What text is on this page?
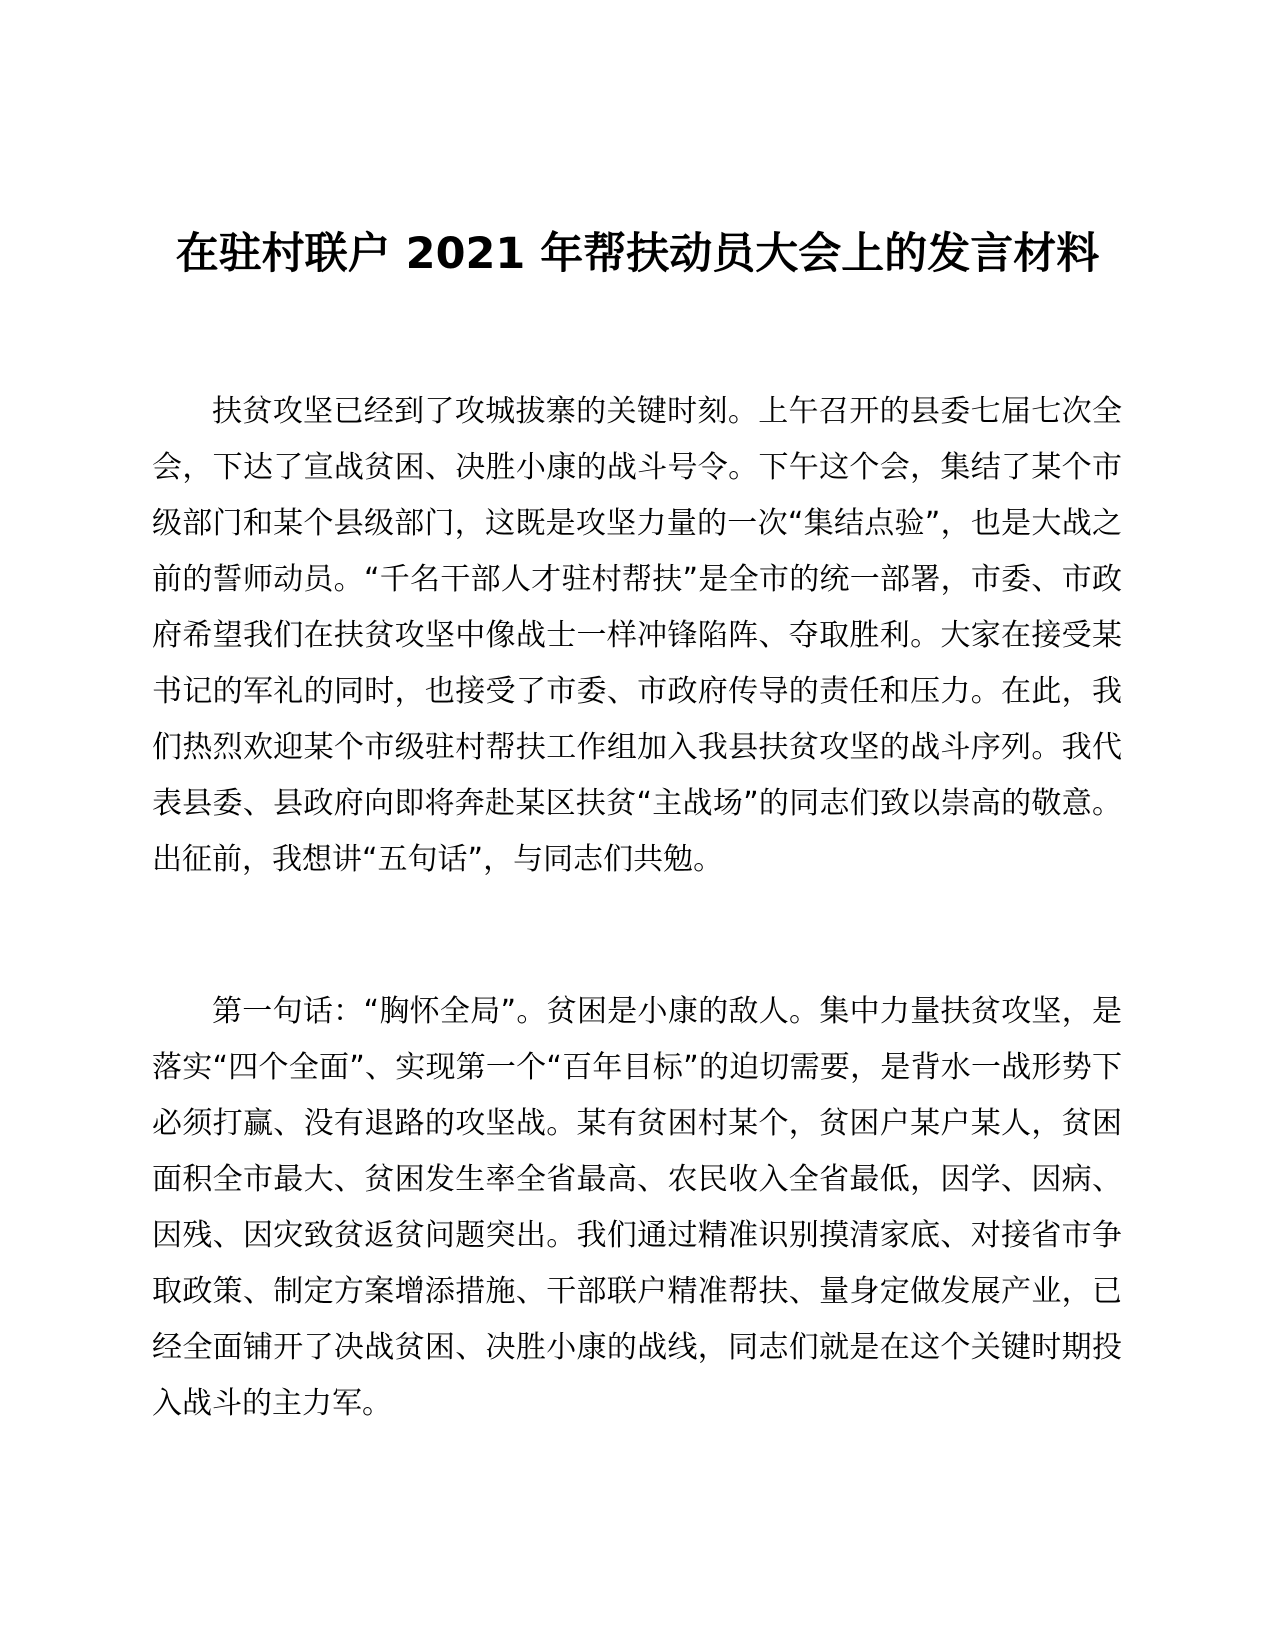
在驻村联户 2021 年帮扶动员大会上的发言材料

扶贫攻坚已经到了攻城拔寨的关键时刻。上午召开的县委七届七次全会，下达了宣战贫困、决胜小康的战斗号令。下午这个会，集结了某个市级部门和某个县级部门，这既是攻坚力量的一次“集结点验”，也是大战之前的誓师动员。“千名干部人才驻村帮扶”是全市的统一部署，市委、市政府希望我们在扶贫攻坚中像战士一样冲锋陷阵、夺取胜利。大家在接受某书记的军礼的同时，也接受了市委、市政府传导的责任和压力。在此，我们热烈欢迎某个市级驻村帮扶工作组加入我县扶贫攻坚的战斗序列。我代表县委、县政府向即将奔赴某区扶贫“主战场”的同志们致以崇高的敬意。出征前，我想讲“五句话”，与同志们共勉。

第一句话：“胸怀全局”。贫困是小康的敌人。集中力量扶贫攻坚，是落实“四个全面”、实现第一个“百年目标”的迫切需要，是背水一战形势下必须打赢、没有退路的攻坚战。某有贫困村某个，贫困户某户某人，贫困面积全市最大、贫困发生率全省最高、农民收入全省最低，因学、因病、因残、因灾致贫返贫问题突出。我们通过精准识别摸清家底、对接省市争取政策、制定方案增添措施、干部联户精准帮扶、量身定做发展产业，已经全面铺开了决战贫困、决胜小康的战线，同志们就是在这个关键时期投入战斗的主力军。
